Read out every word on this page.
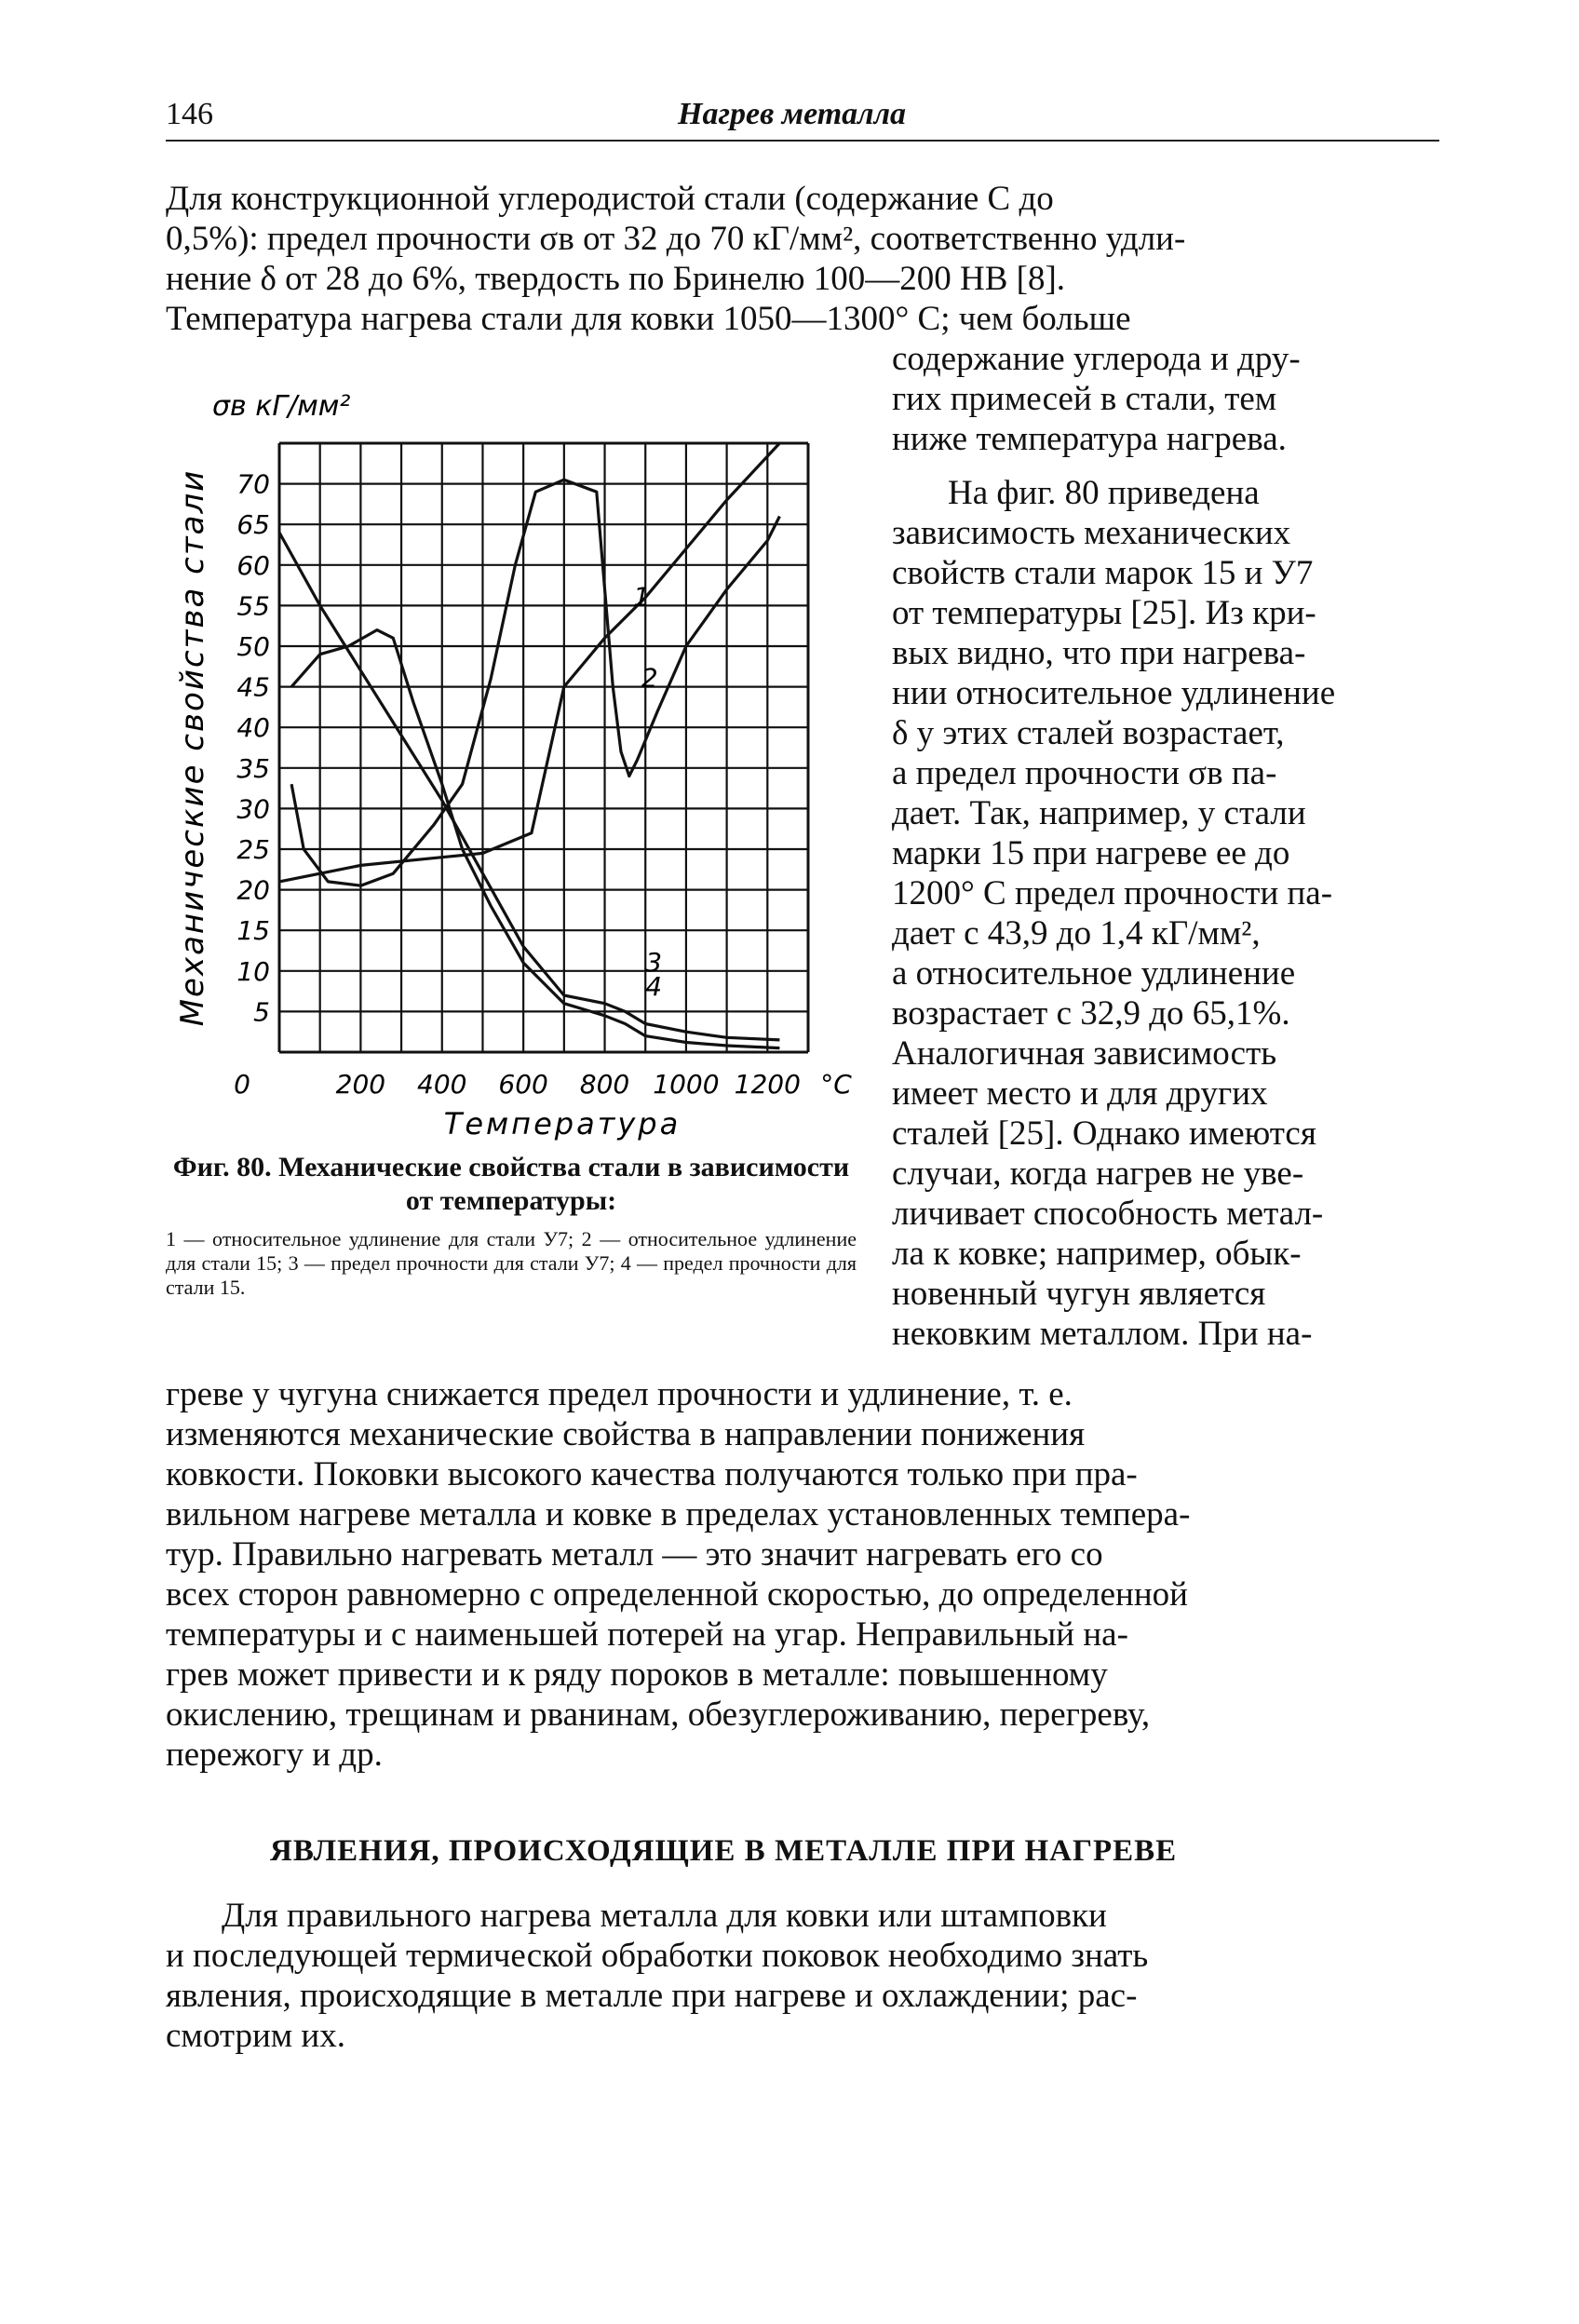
146	Нагрев металла

Для конструкционной углеродистой стали (содержание С до
0,5%): предел прочности σв от 32 до 70 кГ/мм², соответственно удли-
нение δ от 28 до 6%, твердость по Бринелю 100—200 HB [8].
Температура нагрева стали для ковки 1050—1300° С; чем больше

содержание углерода и дру-
гих примесей в стали, тем
ниже температура нагрева.

На фиг. 80 приведена
зависимость механических
свойств стали марок 15 и У7
от температуры [25]. Из кри-
вых видно, что при нагрева-
нии относительное удлинение
δ у этих сталей возрастает,
а предел прочности σв па-
дает. Так, например, у стали
марки 15 при нагреве ее до
1200° С предел прочности па-
дает с 43,9 до 1,4 кГ/мм²,
а относительное удлинение
возрастает с 32,9 до 65,1%.
Аналогичная зависимость
имеет место и для других
сталей [25]. Однако имеются
случаи, когда нагрев не уве-
личивает способность метал-
ла к ковке; например, обык-
новенный чугун является
нековким металлом. При на-

5
10
15
20
25
30
35
40
45
50
55
60
65
70
0	200 400 600 800 1000 1200 °С
Температура
σв кГ/мм²
Механические свойства стали	1
2
3
4
Фиг. 80. Механические свойства стали в зависимости от температуры:
1 — относительное удлинение для стали У7; 2 — относительное удлинение для стали 15; 3 — предел прочности для стали У7; 4 — предел прочности для стали 15.

греве у чугуна снижается предел прочности и удлинение, т. е.
изменяются механические свойства в направлении понижения
ковкости. Поковки высокого качества получаются только при пра-
вильном нагреве металла и ковке в пределах установленных темпера-
тур. Правильно нагревать металл — это значит нагревать его со
всех сторон равномерно с определенной скоростью, до определенной
температуры и с наименьшей потерей на угар. Неправильный на-
грев может привести и к ряду пороков в металле: повышенному
окислению, трещинам и рванинам, обезуглероживанию, перегреву,
пережогу и др.

ЯВЛЕНИЯ, ПРОИСХОДЯЩИЕ В МЕТАЛЛЕ ПРИ НАГРЕВЕ

Для правильного нагрева металла для ковки или штамповки
и последующей термической обработки поковок необходимо знать
явления, происходящие в металле при нагреве и охлаждении; рас-
смотрим их.
